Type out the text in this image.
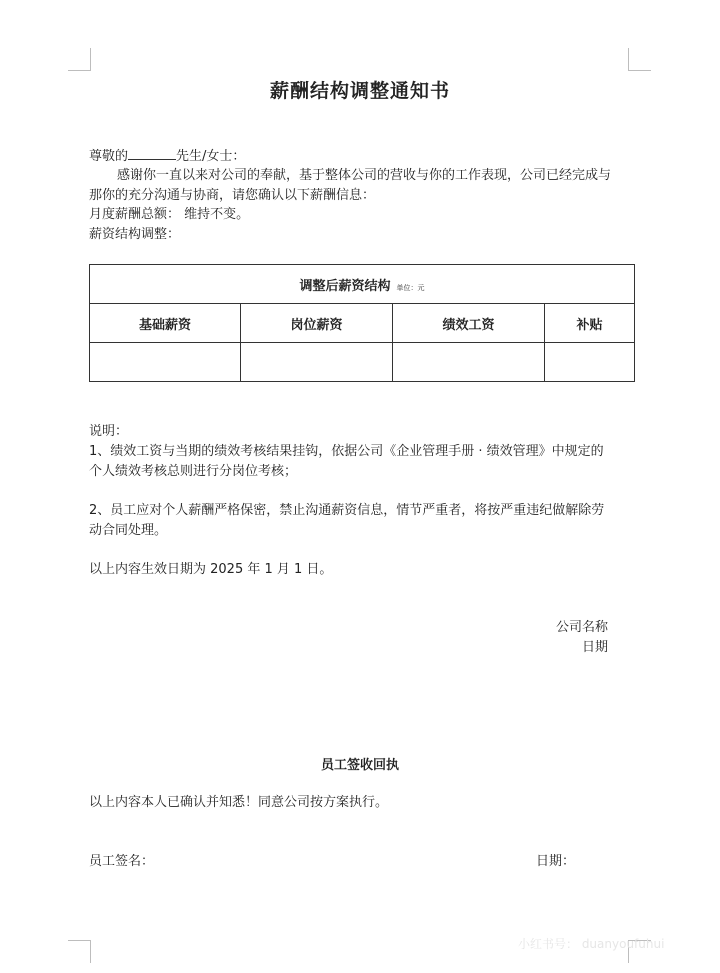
薪酬结构调整通知书
尊敬的	先生/女士：
感谢你一直以来对公司的奉献，基于整体公司的营收与你的工作表现，公司已经完成与
那你的充分沟通与协商，请您确认以下薪酬信息：
月度薪酬总额： 维持不变。
薪资结构调整：
调整后薪资结构 单位：元			
基础薪资	岗位薪资	绩效工资	补贴

说明：
1、绩效工资与当期的绩效考核结果挂钩，依据公司《企业管理手册 · 绩效管理》中规定的
个人绩效考核总则进行分岗位考核；
2、员工应对个人薪酬严格保密，禁止沟通薪资信息，情节严重者，将按严重违纪做解除劳
动合同处理。
以上内容生效日期为 2025 年 1 月 1 日。
公司名称
日期
员工签收回执
以上内容本人已确认并知悉！同意公司按方案执行。
员工签名：	日期：
小红书号： duanyoufuhui
